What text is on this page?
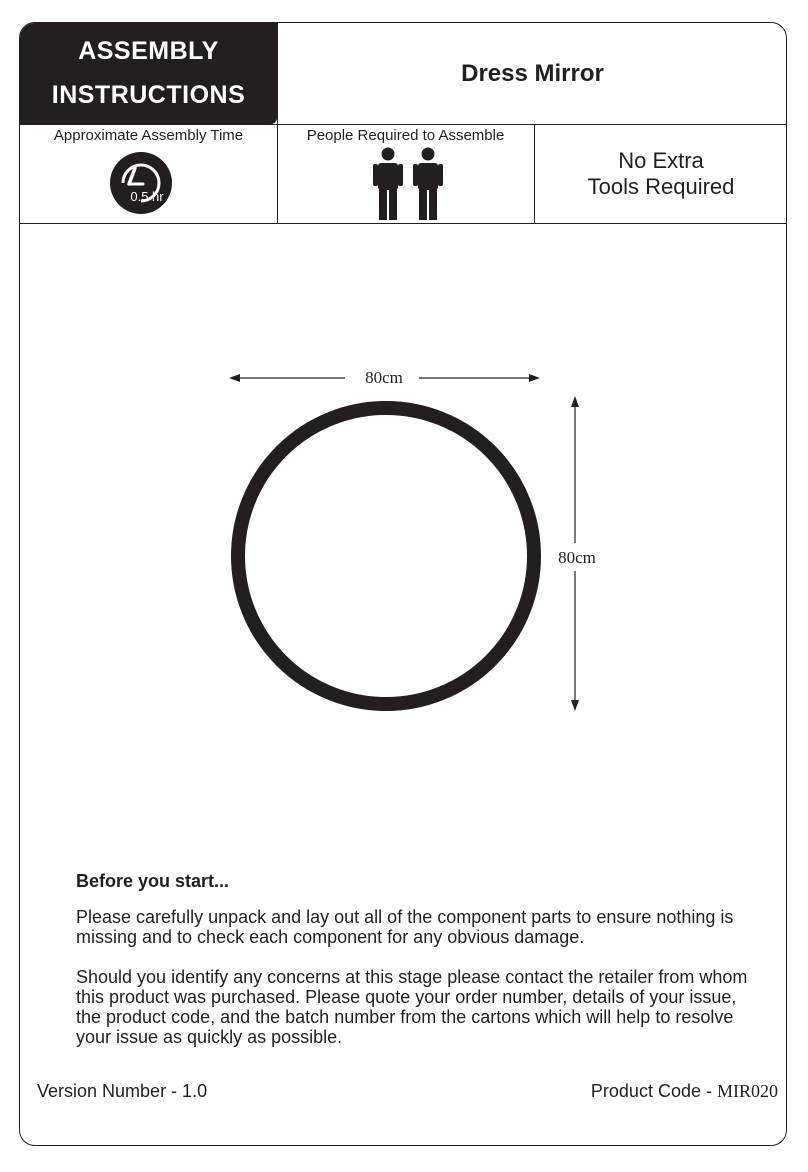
ASSEMBLY
INSTRUCTIONS
Dress Mirror
Approximate Assembly Time
0.5 hr
People Required to Assemble
No Extra
Tools Required
80cm
80cm
Before you start...
Please carefully unpack and lay out all of the component parts to ensure nothing is missing and to check each component for any obvious damage.
Should you identify any concerns at this stage please contact the retailer from whom this product was purchased. Please quote your order number, details of your issue, the product code, and the batch number from the cartons which will help to resolve your issue as quickly as possible.
Version Number - 1.0	Product Code - MIR020
